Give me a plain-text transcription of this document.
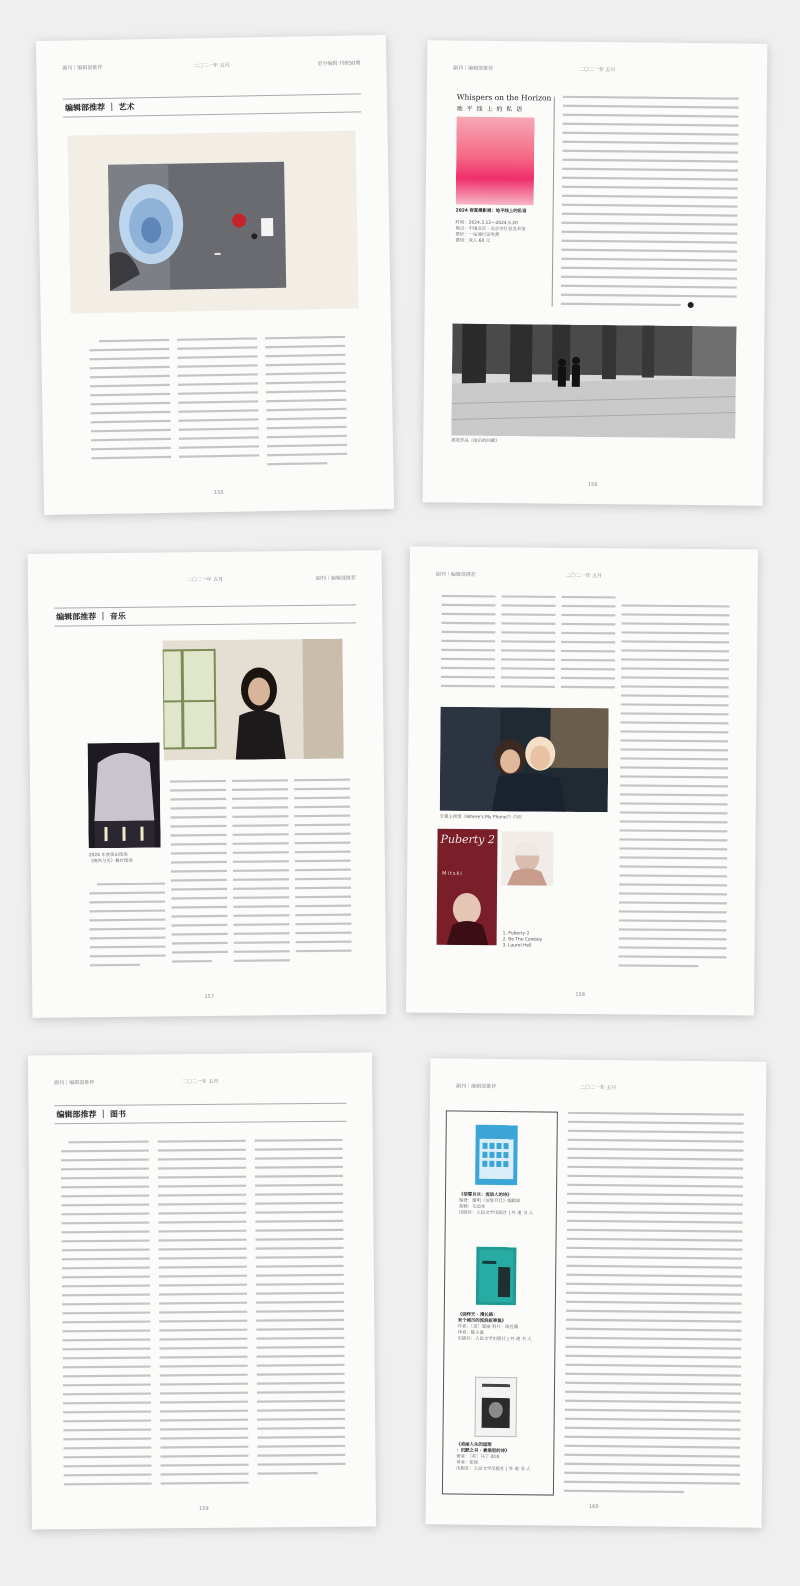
副刊｜编辑部推荐	二〇二一年 五月	星空编辑·刊第50期
编辑部推荐 ｜ 艺术
155
副刊｜编辑部推荐	二〇二一年 五月
Whispers on the Horizon
地 平 线 上 的 私 语
2024 春夏摄影展：地平线上的私语
时间：2024.3.12—2024.5.20
地点：中国北京 · 北京市红星美术馆
票价：一站通行证免费
费用：成人 60 元
展览作品《雨后的回廊》
156
二〇二一年 五月	副刊｜编辑部推荐
编辑部推荐 ｜ 音乐
2024 年度演出现场
《晚风与光》舞台现场
157
副刊｜编辑部推荐	二〇二一年 五月
专辑主视觉《Where's My Phone?》内页
Puberty 2
Mitski
1. Puberty 2
2. Be The Cowboy
3. Laurel Hell
158
副刊｜编辑部推荐	二〇二一年 五月
编辑部推荐 ｜ 图书
159
副刊｜编辑部推荐	二〇二一年 五月
《信誓旦旦：流浪人的诗》
编著：谢明《信誓旦旦》编辑部
装帧：毛边本
出版社：人民文学出版社 | 外 道 书 人
《别样天 · 漫长路：
来个城市的流浪叙事集》
作者：［美］爱丽·科什 · 周若薇
译者：陈小溪
出版社：人民文学出版社 | 外 道 书 人
《美丽人生的道理
：沉默之书 · 素描里的诗》
著者：［英］马丁·雷诺
译者：张悦
出版社：人民文学出版社 | 外 道 书 人
160
